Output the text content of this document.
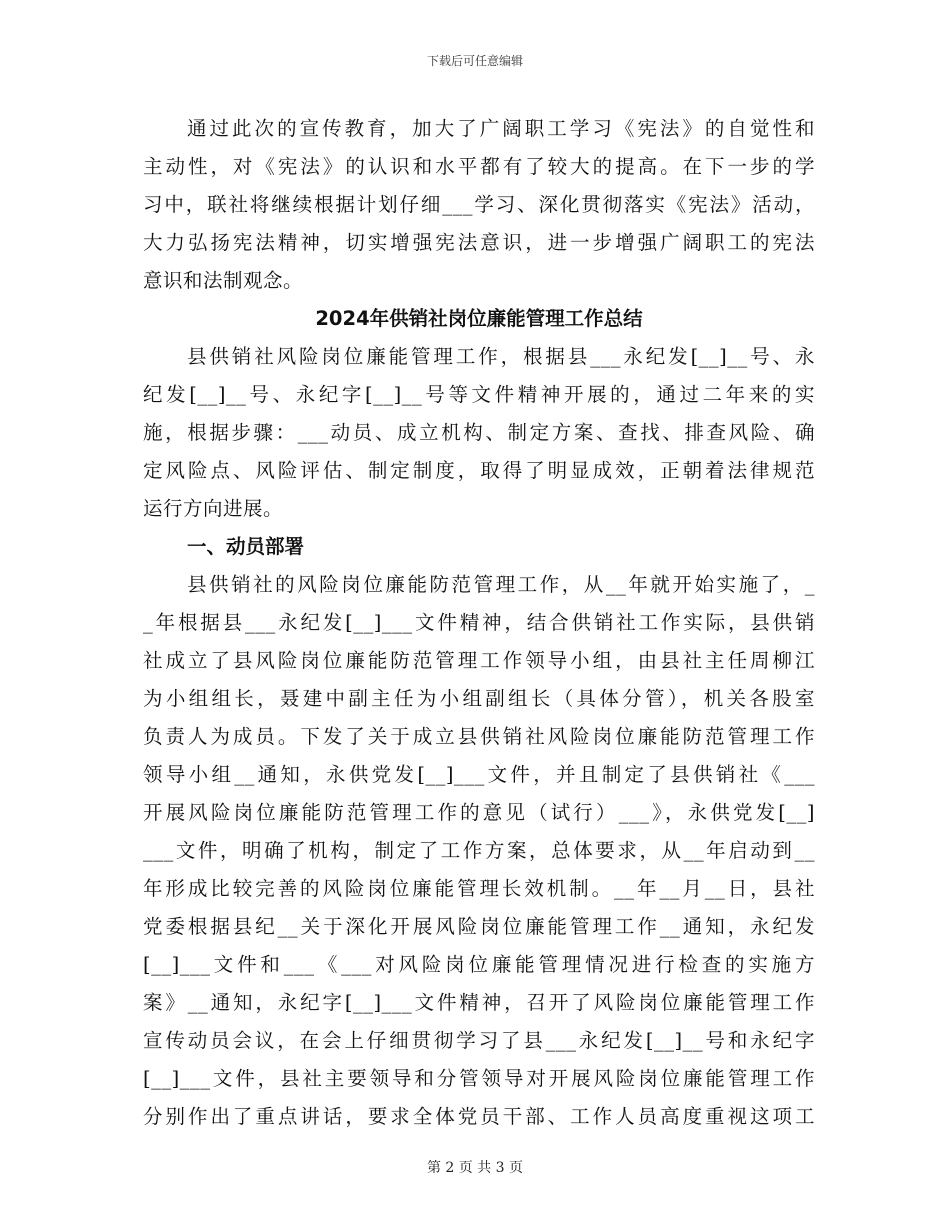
下载后可任意编辑
通过此次的宣传教育，加大了广阔职工学习《宪法》的自觉性和
主动性，对《宪法》的认识和水平都有了较大的提高。在下一步的学
习中，联社将继续根据计划仔细___学习、深化贯彻落实《宪法》活动，
大力弘扬宪法精神，切实增强宪法意识，进一步增强广阔职工的宪法
意识和法制观念。
2024年供销社岗位廉能管理工作总结
县供销社风险岗位廉能管理工作，根据县___永纪发[__]__号、永
纪发[__]__号、永纪字[__]__号等文件精神开展的，通过二年来的实
施，根据步骤：___动员、成立机构、制定方案、查找、排查风险、确
定风险点、风险评估、制定制度，取得了明显成效，正朝着法律规范
运行方向进展。
一、动员部署
县供销社的风险岗位廉能防范管理工作，从__年就开始实施了，_
_年根据县___永纪发[__]___文件精神，结合供销社工作实际，县供销
社成立了县风险岗位廉能防范管理工作领导小组，由县社主任周柳江
为小组组长，聂建中副主任为小组副组长（具体分管），机关各股室
负责人为成员。下发了关于成立县供销社风险岗位廉能防范管理工作
领导小组__通知，永供党发[__]___文件，并且制定了县供销社《___
开展风险岗位廉能防范管理工作的意见（试行）___》，永供党发[__]
___文件，明确了机构，制定了工作方案，总体要求，从__年启动到__
年形成比较完善的风险岗位廉能管理长效机制。__年__月__日，县社
党委根据县纪__关于深化开展风险岗位廉能管理工作__通知，永纪发
[__]___文件和___《___对风险岗位廉能管理情况进行检查的实施方
案》__通知，永纪字[__]___文件精神，召开了风险岗位廉能管理工作
宣传动员会议，在会上仔细贯彻学习了县___永纪发[__]__号和永纪字
[__]___文件，县社主要领导和分管领导对开展风险岗位廉能管理工作
分别作出了重点讲话，要求全体党员干部、工作人员高度重视这项工
第 2 页 共 3 页
